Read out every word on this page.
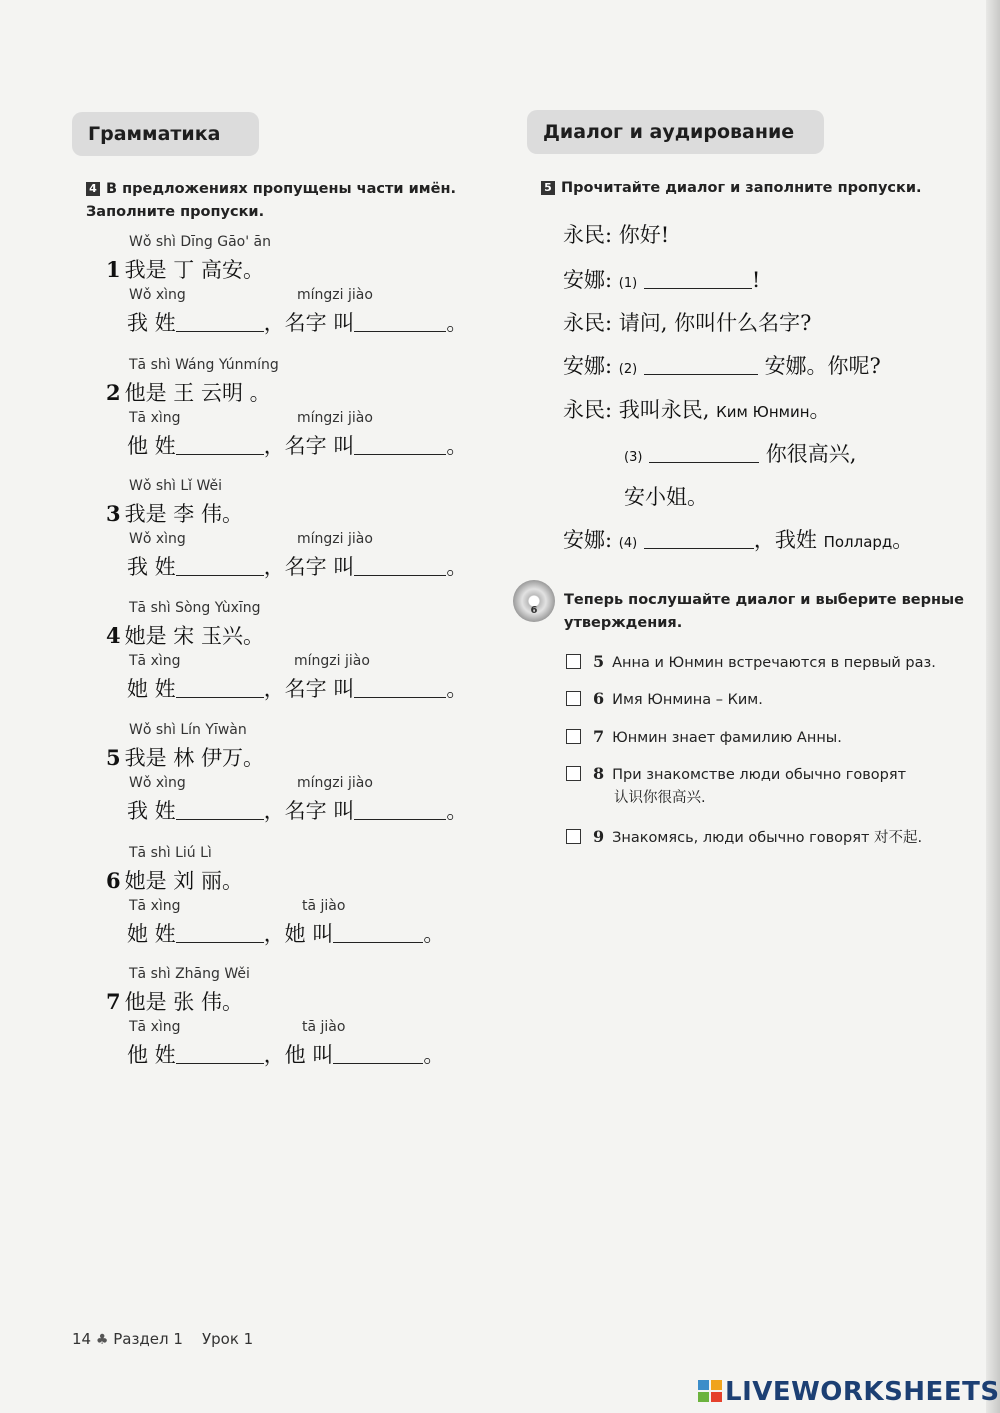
Грамматика
4 В предложениях пропущены части имён.
Заполните пропуски.
Wǒ shì Dīng Gāo' ān
1 我是 丁 高安。
Wǒ xìng	míngzi jiào
我 姓	，名字 叫	。
Tā shì Wáng Yúnmíng
2 他是 王 云明 。
Tā xìng	míngzi jiào
他 姓	，名字 叫	。
Wǒ shì Lǐ Wěi
3 我是 李 伟。
Wǒ xìng	míngzi jiào
我 姓	，名字 叫	。
Tā shì Sòng Yùxīng
4 她是 宋 玉兴。
Tā xìng	míngzi jiào
她 姓	，名字 叫	。
Wǒ shì Lín Yīwàn
5 我是 林 伊万。
Wǒ xìng	míngzi jiào
我 姓	，名字 叫	。
Tā shì Liú Lì
6 她是 刘 丽。
Tā xìng	tā jiào
她 姓	，她 叫	。
Tā shì Zhāng Wěi
7 他是 张 伟。
Tā xìng	tā jiào
他 姓	，他 叫	。
Диалог и аудирование
5 Прочитайте диалог и заполните пропуски.
永民: 你好!
安娜: (1)	!
永民: 请问, 你叫什么名字?
安娜: (2)	安娜。你呢?
永民: 我叫永民, Ким Юнмин。
(3)	你很高兴,
安小姐。
安娜: (4)	，我姓 Поллард。
6
Теперь послушайте диалог и выберите верные
утверждения.
5 Анна и Юнмин встречаются в первый раз.
6 Имя Юнмина – Ким.
7 Юнмин знает фамилию Анны.
8 При знакомстве люди обычно говорят
认识你很高兴.
9 Знакомясь, люди обычно говорят 对不起.
14 ♣ Раздел 1 Урок 1
LIVEWORKSHEETS
